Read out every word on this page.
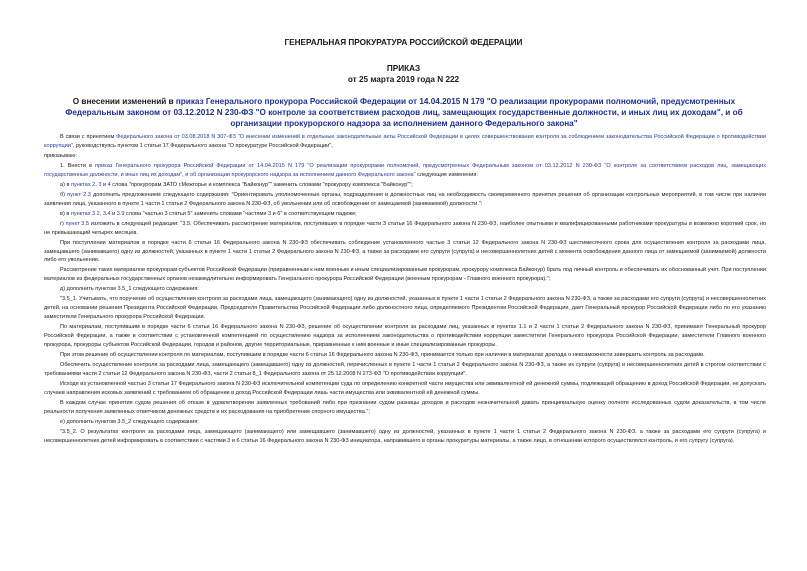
ГЕНЕРАЛЬНАЯ ПРОКУРАТУРА РОССИЙСКОЙ ФЕДЕРАЦИИ
ПРИКАЗ
от 25 марта 2019 года N 222
О внесении изменений в приказ Генерального прокурора Российской Федерации от 14.04.2015 N 179 "О реализации прокурорами полномочий, предусмотренных Федеральным законом от 03.12.2012 N 230-ФЗ "О контроле за соответствием расходов лиц, замещающих государственные должности, и иных лиц их доходам", и об организации прокурорского надзора за исполнением данного Федерального закона"

В связи с принятием Федерального закона от 03.08.2018 N 307-ФЗ "О внесении изменений в отдельные законодательные акты Российской Федерации в целях совершенствования контроля за соблюдением законодательства Российской Федерации о противодействии коррупции", руководствуясь пунктом 1 статьи 17 Федерального закона "О прокуратуре Российской Федерации",

приказываю:

1. Внести в приказ Генерального прокурора Российской Федерации от 14.04.2015 N 179 "О реализации прокурорами полномочий, предусмотренных Федеральным законом от 03.12.2012 N 230-ФЗ "О контроле за соответствием расходов лиц, замещающих государственные должности, и иных лиц их доходам", и об организации прокурорского надзора за исполнением данного Федерального закона" следующие изменения:

а) в пунктах 2, 3 и 4 слова "прокурорам ЗАТО г.Межгорье и комплекса "Байконур"" заменить словами "прокурору комплекса "Байконур"";

б) пункт 2.3 дополнить предложением следующего содержания: "Ориентировать уполномоченные органы, подразделения и должностных лиц на необходимость своевременного принятия решения об организации контрольных мероприятий, в том числе при наличии заявления лица, указанного в пункте 1 части 1 статьи 2 Федерального закона N 230-ФЗ, об увольнении или об освобождении от замещаемой (занимаемой) должности.";

в) в пунктах 3.2, 3.4 и 3.9 слова "частью 3 статьи 5" заменить словами "частями 3 и 6" в соответствующем падеже;

г) пункт 3.5 изложить в следующей редакции: "3.5. Обеспечивать рассмотрение материалов, поступивших в порядке части 3 статьи 16 Федерального закона N 230-ФЗ, наиболее опытными и квалифицированными работниками прокуратуры в возможно короткий срок, но не превышающий четырех месяцев.

При поступлении материалов в порядке части 6 статьи 16 Федерального закона N 230-ФЗ обеспечивать соблюдение установленного частью 3 статьи 12 Федерального закона N 230-ФЗ шестимесячного срока для осуществления контроля за расходами лица, замещавшего (занимавшего) одну из должностей, указанных в пункте 1 части 1 статьи 2 Федерального закона N 230-ФЗ, а также за расходами его супруги (супруга) и несовершеннолетних детей с момента освобождения данного лица от замещаемой (занимаемой) должности либо его увольнения.

Рассмотрение таких материалов прокурорам субъектов Российской Федерации (приравненным к ним военным и иным специализированным прокурорам, прокурору комплекса Байконур) брать под личный контроль и обеспечивать их обоснованный учет. При поступлении материалов из федеральных государственных органов незамедлительно информировать Генерального прокурора Российской Федерации (военным прокурорам - Главного военного прокурора).";

д) дополнить пунктом 3.5_1 следующего содержания:

"3.5_1. Учитывать, что поручение об осуществлении контроля за расходами лица, замещающего (занимающего) одну из должностей, указанных в пункте 1 части 1 статьи 2 Федерального закона N 230-ФЗ, а также за расходами его супруги (супруга) и несовершеннолетних детей, на основании решения Президента Российской Федерации, Председателя Правительства Российской Федерации либо должностного лица, определяемого Президентом Российской Федерации, дает Генеральный прокурор Российской Федерации либо по его указанию заместители Генерального прокурора Российской Федерации.

По материалам, поступившим в порядке части 6 статьи 16 Федерального закона N 230-ФЗ, решение об осуществлении контроля за расходами лиц, указанных в пунктах 1.1 и 2 части 1 статьи 2 Федерального закона N 230-ФЗ, принимают Генеральный прокурор Российской Федерации, а также в соответствии с установленной компетенцией по осуществлению надзора за исполнением законодательства о противодействии коррупции заместители Генерального прокурора Российской Федерации, заместители Главного военного прокурора, прокуроры субъектов Российской Федерации, городов и районов, другие территориальные, приравненные к ним военные и иные специализированные прокуроры.

При этом решение об осуществлении контроля по материалам, поступившим в порядке части 6 статьи 16 Федерального закона N 230-ФЗ, принимается только при наличии в материалах доклада о невозможности завершить контроль за расходами.

Обеспечить осуществление контроля за расходами лица, замещающего (замещавшего) одну из должностей, перечисленных в пункте 1 части 1 статьи 2 Федерального закона N 230-ФЗ, а также их супруги (супруга) и несовершеннолетних детей в строгом соответствии с требованиями части 2 статьи 12 Федерального закона N 230-ФЗ, части 2 статьи 8_1 Федерального закона от 25.12.2008 N 273-ФЗ "О противодействии коррупции".

Исходя из установленной частью 3 статьи 17 Федерального закона N 230-ФЗ исключительной компетенции суда по определению конкретной части имущества или эквивалентной ей денежной суммы, подлежащей обращению в доход Российской Федерации, не допускать случаев направления исковых заявлений с требованием об обращении в доход Российской Федерации лишь части имущества или эквивалентной ей денежной суммы.

В каждом случае принятия судом решения об отказе в удовлетворении заявленных требований либо при признании судом разницы доходов и расходов незначительной давать принципиальную оценку полноте исследованных судом доказательств, в том числе реальности получения заявленных ответчиком денежных средств и их расходования на приобретение спорного имущества.";

е) дополнить пунктом 3.5_2 следующего содержания:

"3.5_2. О результатах контроля за расходами лица, замещающего (занимающего) или замещавшего (занимавшего) одну из должностей, указанных в пункте 1 части 1 статьи 2 Федерального закона N 230-ФЗ, а также за расходами его супруги (супруга) и несовершеннолетних детей информировать в соответствии с частями 3 и 6 статьи 16 Федерального закона N 230-ФЗ инициатора, направившего в органы прокуратуры материалы, а также лицо, в отношении которого осуществлялся контроль, и его супругу (супруга).
